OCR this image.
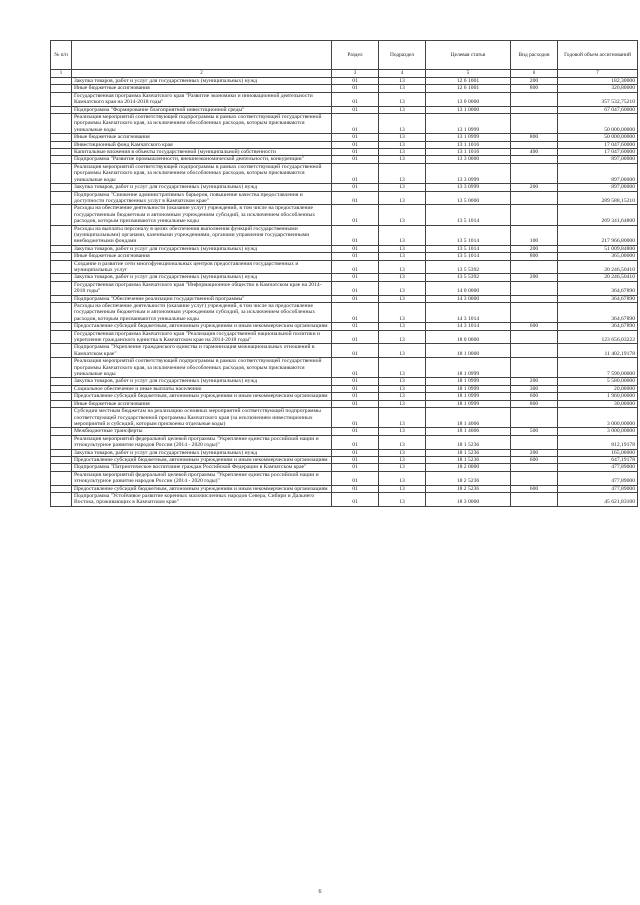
№ п/п		Раздел	Подраздел	Целевая статья	Вид расходов	Годовой объем ассигнований
1	2	3	4	5	6	7
	Закупка товаров, работ и услуг для государственных (муниципальных) нужд	01	13	12 6 1001	200	182,30000
	Иные бюджетные ассигнования	01	13	12 6 1001	800	320,80000
	Государственная программа Камчатского края "Развитие экономики и инновационной деятельности Камчатского края на 2014-2018 годы"	01	13	13 0 0000		357 532,75210
	Подпрограмма "Формирование благоприятной инвестиционной среды"	01	13	13 1 0000		67 047,60000
	Реализация мероприятий соответствующей подпрограммы в рамках соответствующей государственной программы Камчатского края, за исключением обособленных расходов, которым присваиваются уникальные коды	01	13	13 1 0999		50 000,00000
	Иные бюджетные ассигнования	01	13	13 1 0999	800	50 000,00000
	Инвестиционный фонд Камчатского края	01	13	13 1 1016		17 047,60000
	Капитальные вложения в объекты государственной (муниципальной) собственности	01	13	13 1 1016	400	17 047,60000
	Подпрограмма "Развитие промышленности, внешнеэкономической деятельности, конкуренции"	01	13	13 3 0000		897,00000
	Реализация мероприятий соответствующей подпрограммы в рамках соответствующей государственной программы Камчатского края, за исключением обособленных расходов, которым присваиваются уникальные коды	01	13	13 3 0999		897,00000
	Закупка товаров, работ и услуг для государственных (муниципальных) нужд	01	13	13 3 0999	200	897,00000
	Подпрограмма "Снижение административных барьеров, повышение качества предоставления и доступности государственных услуг в Камчатском крае"	01	13	13 5 0000		289 588,15210
	Расходы на обеспечение деятельности (оказание услуг) учреждений, в том числе на предоставление государственным бюджетным и автономным учреждениям субсидий, за исключением обособленных расходов, которым присваиваются уникальные коды	01	13	13 5 1014		269 341,64800
	Расходы на выплаты персоналу в целях обеспечения выполнения функций государственными (муниципальными) органами, казенными учреждениями, органами управления государственными внебюджетными фондами	01	13	13 5 1014	100	217 966,80000
	Закупка товаров, работ и услуг для государственных (муниципальных) нужд	01	13	13 5 1014	200	51 009,84800
	Иные бюджетные ассигнования	01	13	13 5 1014	800	365,00000
	Создание и развитие сети многофункциональных центров предоставления государственных и муниципальных услуг	01	13	13 5 5392		20 246,50410
	Закупка товаров, работ и услуг для государственных (муниципальных) нужд	01	13	13 5 5392	200	20 246,50410
	Государственная программа Камчатского края "Информационное общество в Камчатском крае на 2014-2018 годы"	01	13	14 0 0000		364,67890
	Подпрограмма "Обеспечение реализации государственной программы"	01	13	14 3 0000		364,67890
	Расходы на обеспечение деятельности (оказание услуг) учреждений, в том числе на предоставление государственным бюджетным и автономным учреждениям субсидий, за исключением обособленных расходов, которым присваиваются уникальные коды	01	13	14 3 1014		364,67890
	Предоставление субсидий бюджетным, автономным учреждениям и иным некоммерческим организациям	01	13	14 3 1014	600	364,67890
	Государственная программа Камчатского края "Реализация государственной национальной политики и укрепление гражданского единства в Камчатском крае на 2014-2018 годы"	01	13	18 0 0000		123 656,03222
	Подпрограмма "Укрепление гражданского единства и гармонизация межнациональных отношений в Камчатском крае"	01	13	18 1 0000		11 402,19178
	Реализация мероприятий соответствующей подпрограммы в рамках соответствующей государственной программы Камчатского края, за исключением обособленных расходов, которым присваиваются уникальные коды	01	13	18 1 0999		7 590,00000
	Закупка товаров, работ и услуг для государственных (муниципальных) нужд	01	13	18 1 0999	200	5 580,00000
	Социальное обеспечение и иные выплаты населению	01	13	18 1 0999	300	20,00000
	Предоставление субсидий бюджетным, автономным учреждениям и иным некоммерческим организациям	01	13	18 1 0999	600	1 960,00000
	Иные бюджетные ассигнования	01	13	18 1 0999	800	30,00000
	Субсидии местным бюджетам на реализацию основных мероприятий соответствующей подпрограммы соответствующей государственной программы Камчатского края (за исключением инвестиционных мероприятий и субсидий, которым присвоены отдельные коды)	01	13	18 1 4006		3 000,00000
	Межбюджетные трансферты	01	13	18 1 4006	500	3 000,00000
	Реализация мероприятий федеральной целевой программы "Укрепление единства российской нации и этнокультурное развитие народов России (2014 - 2020 годы)"	01	13	18 1 5236		812,19178
	Закупка товаров, работ и услуг для государственных (муниципальных) нужд	01	13	18 1 5236	200	165,00000
	Предоставление субсидий бюджетным, автономным учреждениям и иным некоммерческим организациям	01	13	18 1 5236	600	647,19178
	Подпрограмма "Патриотическое воспитание граждан Российской Федерации в Камчатском крае"	01	13	18 2 0000		477,89000
	Реализация мероприятий федеральной целевой программы "Укрепление единства российской нации и этнокультурное развитие народов России (2014 - 2020 годы)"	01	13	18 2 5236		477,89000
	Предоставление субсидий бюджетным, автономным учреждениям и иным некоммерческим организациям	01	13	18 2 5236	600	477,89000
	Подпрограмма "Устойчивое развитие коренных малочисленных народов Севера, Сибири и Дальнего Востока, проживающих в Камчатском крае"	01	13	18 3 0000		45 621,83100
6
